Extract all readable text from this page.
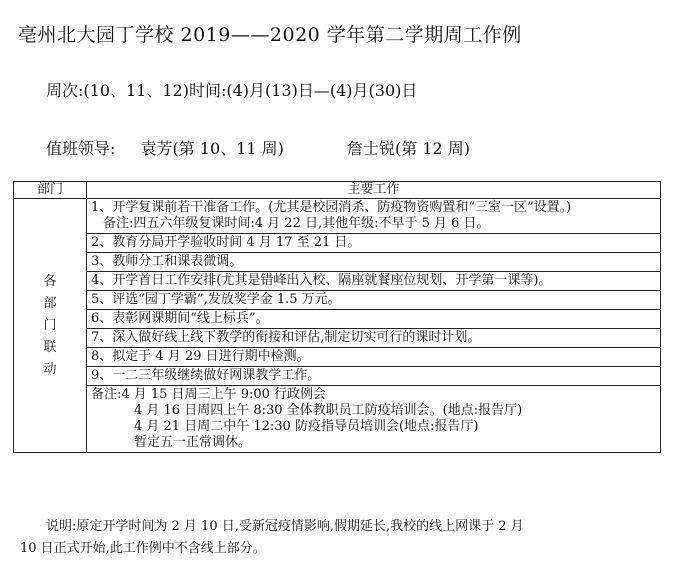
亳州北大园丁学校 2019——2020 学年第二学期周工作例
周次:(10、11、12)时间:(4)月(13)日—(4)月(30)日
值班领导: 袁芳(第 10、11 周)	詹士锐(第 12 周)
部门	主要工作

各
部
门
联
动	1、开学复课前若干准备工作。(尤其是校园消杀、防疫物资购置和“三室一区”设置。)
备注:四五六年级复课时间:4 月 22 日,其他年级:不早于 5 月 6 日。

	2、教育分局开学验收时间 4 月 17 至 21 日。
	3、教师分工和课表微调。
	4、开学首日工作安排(尤其是错峰出入校、隔座就餐座位规划、开学第一课等)。
	5、评选“园丁学霸”,发放奖学金 1.5 万元。
	6、表彰网课期间“线上标兵”。
	7、深入做好线上线下教学的衔接和评估,制定切实可行的课时计划。
	8、拟定于 4 月 29 日进行期中检测。
	9、一二三年级继续做好网课教学工作。

	备注:4 月 15 日周三上午 9:00 行政例会
4 月 16 日周四上午 8:30 全体教职员工防疫培训会。(地点:报告厅)
4 月 21 日周二中午 12:30 防疫指导员培训会(地点:报告厅)
暂定五一正常调休。
说明:原定开学时间为 2 月 10 日,受新冠疫情影响,假期延长,我校的线上网课于 2 月
10 日正式开始,此工作例中不含线上部分。
